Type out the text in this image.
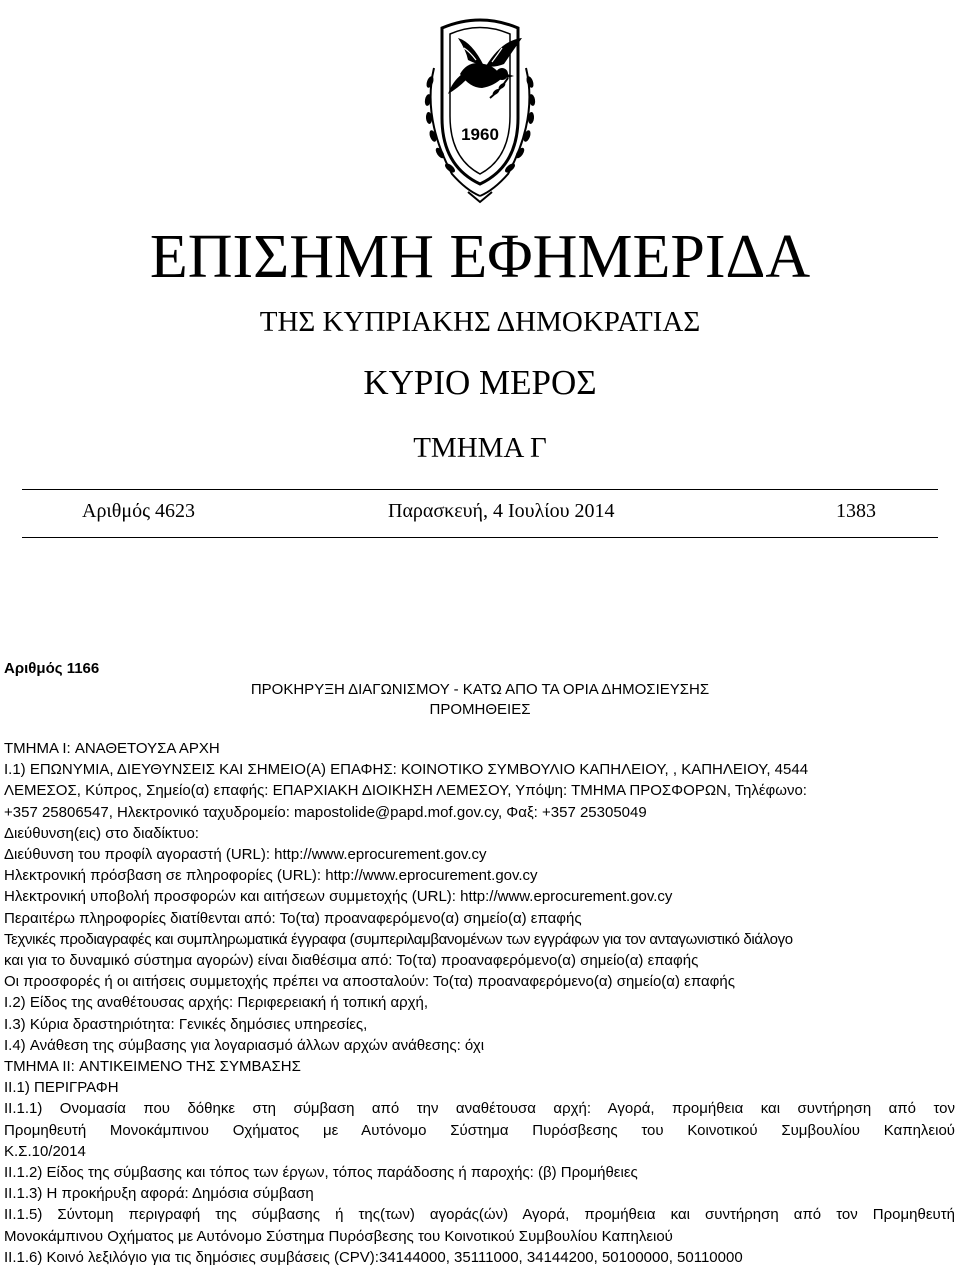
1960
ΕΠΙΣΗΜΗ ΕΦΗΜΕΡΙΔΑ
ΤΗΣ ΚΥΠΡΙΑΚΗΣ ΔΗΜΟΚΡΑΤΙΑΣ
ΚΥΡΙΟ ΜΕΡΟΣ
ΤΜΗΜΑ Γ
Αριθμός 4623	Παρασκευή, 4 Ιουλίου 2014	1383
Αριθμός 1166
ΠΡΟΚΗΡΥΞΗ ΔΙΑΓΩΝΙΣΜΟΥ - ΚΑΤΩ ΑΠΟ ΤΑ ΟΡΙΑ ΔΗΜΟΣΙΕΥΣΗΣ
ΠΡΟΜΗΘΕΙΕΣ
ΤΜΗΜΑ I: ΑΝΑΘΕΤΟΥΣΑ ΑΡΧΗ
I.1) ΕΠΩΝΥΜΙΑ, ΔΙΕΥΘΥΝΣΕΙΣ ΚΑΙ ΣΗΜΕΙΟ(Α) ΕΠΑΦΗΣ: ΚΟΙΝΟΤΙΚΟ ΣΥΜΒΟΥΛΙΟ ΚΑΠΗΛΕΙΟΥ, , ΚΑΠΗΛΕΙΟΥ, 4544
ΛΕΜΕΣΟΣ, Κύπρος, Σημείο(α) επαφής: ΕΠΑΡΧΙΑΚΗ ΔΙΟΙΚΗΣΗ ΛΕΜΕΣΟΥ, Υπόψη: ΤΜΗΜΑ ΠΡΟΣΦΟΡΩΝ, Τηλέφωνο:
+357 25806547, Ηλεκτρονικό ταχυδρομείο: mapostolide@papd.mof.gov.cy, Φαξ: +357 25305049
Διεύθυνση(εις) στο διαδίκτυο:
Διεύθυνση του προφίλ αγοραστή (URL): http://www.eprocurement.gov.cy
Ηλεκτρονική πρόσβαση σε πληροφορίες (URL): http://www.eprocurement.gov.cy
Ηλεκτρονική υποβολή προσφορών και αιτήσεων συμμετοχής (URL): http://www.eprocurement.gov.cy
Περαιτέρω πληροφορίες διατίθενται από: Το(τα) προαναφερόμενο(α) σημείο(α) επαφής
Τεχνικές προδιαγραφές και συμπληρωματικά έγγραφα (συμπεριλαμβανομένων των εγγράφων για τον ανταγωνιστικό διάλογο
και για το δυναμικό σύστημα αγορών) είναι διαθέσιμα από: Το(τα) προαναφερόμενο(α) σημείο(α) επαφής
Οι προσφορές ή οι αιτήσεις συμμετοχής πρέπει να αποσταλούν: Το(τα) προαναφερόμενο(α) σημείο(α) επαφής
I.2) Είδος της αναθέτουσας αρχής: Περιφερειακή ή τοπική αρχή,
I.3) Κύρια δραστηριότητα: Γενικές δημόσιες υπηρεσίες,
I.4) Ανάθεση της σύμβασης για λογαριασμό άλλων αρχών ανάθεσης: όχι
ΤΜΗΜΑ II: ΑΝΤΙΚΕΙΜΕΝΟ ΤΗΣ ΣΥΜΒΑΣΗΣ
II.1) ΠΕΡΙΓΡΑΦΗ
II.1.1) Ονομασία που δόθηκε στη σύμβαση από την αναθέτουσα αρχή: Αγορά, προμήθεια και συντήρηση από τον
Προμηθευτή Μονοκάμπινου Οχήματος με Αυτόνομο Σύστημα Πυρόσβεσης του Κοινοτικού Συμβουλίου Καπηλειού
Κ.Σ.10/2014
II.1.2) Είδος της σύμβασης και τόπος των έργων, τόπος παράδοσης ή παροχής: (β) Προμήθειες
II.1.3) Η προκήρυξη αφορά: Δημόσια σύμβαση
II.1.5) Σύντομη περιγραφή της σύμβασης ή της(των) αγοράς(ών) Αγορά, προμήθεια και συντήρηση από τον Προμηθευτή
Μονοκάμπινου Οχήματος με Αυτόνομο Σύστημα Πυρόσβεσης του Κοινοτικού Συμβουλίου Καπηλειού
II.1.6) Κοινό λεξιλόγιο για τις δημόσιες συμβάσεις (CPV):34144000, 35111000, 34144200, 50100000, 50110000
